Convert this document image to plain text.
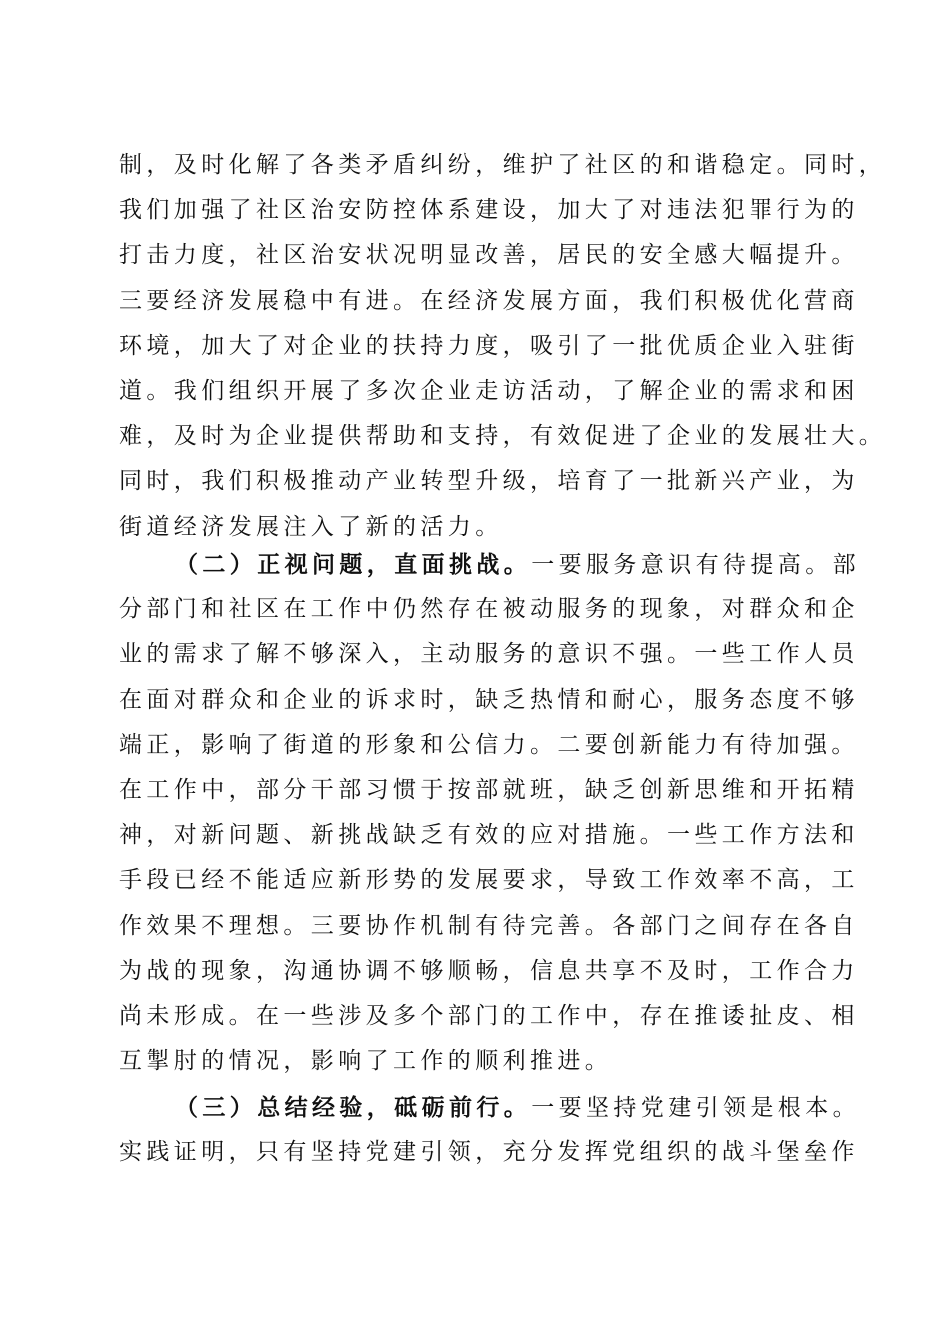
制，及时化解了各类矛盾纠纷，维护了社区的和谐稳定。同时，
我们加强了社区治安防控体系建设，加大了对违法犯罪行为的
打击力度，社区治安状况明显改善，居民的安全感大幅提升。
三要经济发展稳中有进。在经济发展方面，我们积极优化营商
环境，加大了对企业的扶持力度，吸引了一批优质企业入驻街
道。我们组织开展了多次企业走访活动，了解企业的需求和困
难，及时为企业提供帮助和支持，有效促进了企业的发展壮大。
同时，我们积极推动产业转型升级，培育了一批新兴产业，为
街道经济发展注入了新的活力。
（二）正视问题，直面挑战。一要服务意识有待提高。部
分部门和社区在工作中仍然存在被动服务的现象，对群众和企
业的需求了解不够深入，主动服务的意识不强。一些工作人员
在面对群众和企业的诉求时，缺乏热情和耐心，服务态度不够
端正，影响了街道的形象和公信力。二要创新能力有待加强。
在工作中，部分干部习惯于按部就班，缺乏创新思维和开拓精
神，对新问题、新挑战缺乏有效的应对措施。一些工作方法和
手段已经不能适应新形势的发展要求，导致工作效率不高，工
作效果不理想。三要协作机制有待完善。各部门之间存在各自
为战的现象，沟通协调不够顺畅，信息共享不及时，工作合力
尚未形成。在一些涉及多个部门的工作中，存在推诿扯皮、相
互掣肘的情况，影响了工作的顺利推进。
（三）总结经验，砥砺前行。一要坚持党建引领是根本。
实践证明，只有坚持党建引领，充分发挥党组织的战斗堡垒作
